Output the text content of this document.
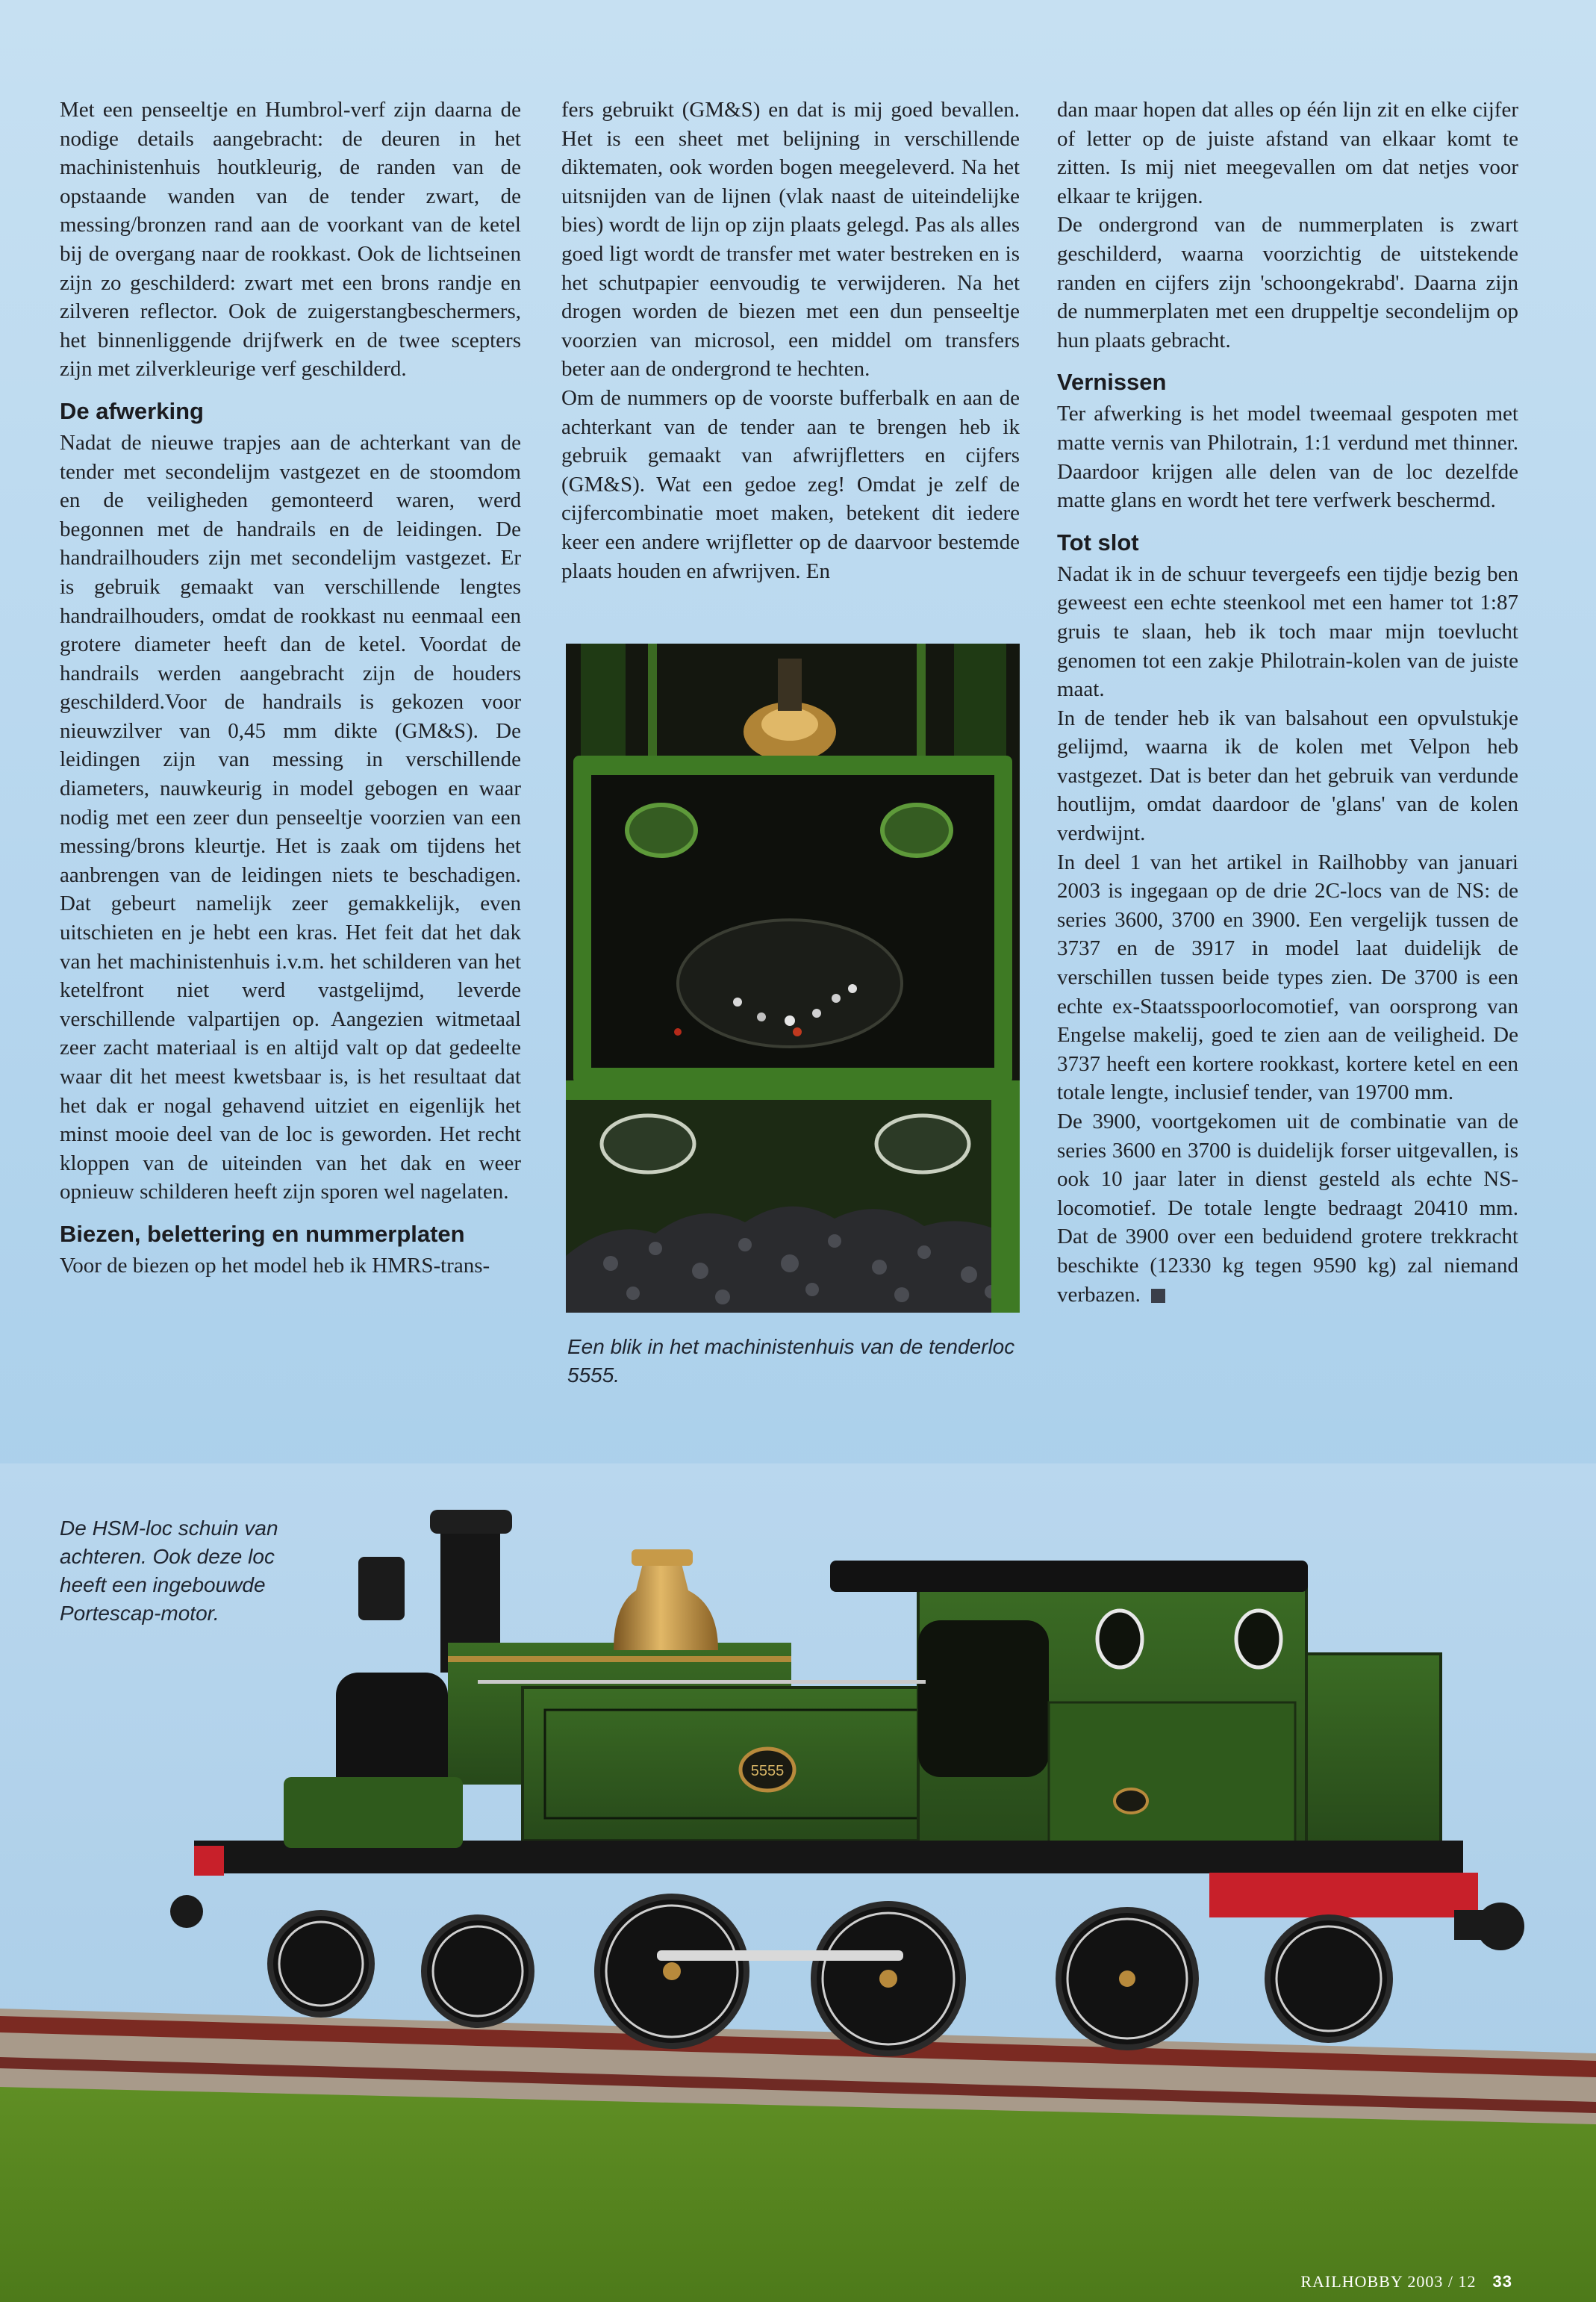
Met een penseeltje en Humbrol-verf zijn daarna de nodige details aangebracht: de deuren in het machinistenhuis houtkleurig, de randen van de opstaande wanden van de tender zwart, de messing/bronzen rand aan de voorkant van de ketel bij de overgang naar de rookkast. Ook de lichtseinen zijn zo geschilderd: zwart met een brons randje en zilveren reflector. Ook de zuigerstangbeschermers, het binnenliggende drijfwerk en de twee scepters zijn met zilverkleurige verf geschilderd.

De afwerking

Nadat de nieuwe trapjes aan de achterkant van de tender met secondelijm vastgezet en de stoomdom en de veiligheden gemonteerd waren, werd begonnen met de handrails en de leidingen. De handrailhouders zijn met secondelijm vastgezet. Er is gebruik gemaakt van verschillende lengtes handrailhouders, omdat de rookkast nu eenmaal een grotere diameter heeft dan de ketel. Voordat de handrails werden aangebracht zijn de houders geschilderd.Voor de handrails is gekozen voor nieuwzilver van 0,45 mm dikte (GM&S). De leidingen zijn van messing in verschillende diameters, nauwkeurig in model gebogen en waar nodig met een zeer dun penseeltje voorzien van een messing/brons kleurtje. Het is zaak om tijdens het aanbrengen van de leidingen niets te beschadigen. Dat gebeurt namelijk zeer gemakkelijk, even uitschieten en je hebt een kras. Het feit dat het dak van het machinistenhuis i.v.m. het schilderen van het ketelfront niet werd vastgelijmd, leverde verschillende valpartijen op. Aangezien witmetaal zeer zacht materiaal is en altijd valt op dat gedeelte waar dit het meest kwetsbaar is, is het resultaat dat het dak er nogal gehavend uitziet en eigenlijk het minst mooie deel van de loc is geworden. Het recht kloppen van de uiteinden van het dak en weer opnieuw schilderen heeft zijn sporen wel nagelaten.

Biezen, belettering en nummerplaten

Voor de biezen op het model heb ik HMRS-trans-

fers gebruikt (GM&S) en dat is mij goed bevallen. Het is een sheet met belijning in verschillende diktematen, ook worden bogen meegeleverd. Na het uitsnijden van de lijnen (vlak naast de uiteindelijke bies) wordt de lijn op zijn plaats gelegd. Pas als alles goed ligt wordt de transfer met water bestreken en is het schutpapier eenvoudig te verwijderen. Na het drogen worden de biezen met een dun penseeltje voorzien van microsol, een middel om transfers beter aan de ondergrond te hechten.

Om de nummers op de voorste bufferbalk en aan de achterkant van de tender aan te brengen heb ik gebruik gemaakt van afwrijfletters en cijfers (GM&S). Wat een gedoe zeg! Omdat je zelf de cijfercombinatie moet maken, betekent dit iedere keer een andere wrijfletter op de daarvoor bestemde plaats houden en afwrijven. En

Een blik in het machinistenhuis van de tenderloc 5555.

dan maar hopen dat alles op één lijn zit en elke cijfer of letter op de juiste afstand van elkaar komt te zitten. Is mij niet meegevallen om dat netjes voor elkaar te krijgen.

De ondergrond van de nummerplaten is zwart geschilderd, waarna voorzichtig de uitstekende randen en cijfers zijn 'schoongekrabd'. Daarna zijn de nummerplaten met een druppeltje secondelijm op hun plaats gebracht.

Vernissen

Ter afwerking is het model tweemaal gespoten met matte vernis van Philotrain, 1:1 verdund met thinner. Daardoor krijgen alle delen van de loc dezelfde matte glans en wordt het tere verfwerk beschermd.

Tot slot

Nadat ik in de schuur tevergeefs een tijdje bezig ben geweest een echte steenkool met een hamer tot 1:87 gruis te slaan, heb ik toch maar mijn toevlucht genomen tot een zakje Philotrain-kolen van de juiste maat.

In de tender heb ik van balsahout een opvulstukje gelijmd, waarna ik de kolen met Velpon heb vastgezet. Dat is beter dan het gebruik van verdunde houtlijm, omdat daardoor de 'glans' van de kolen verdwijnt.

In deel 1 van het artikel in Railhobby van januari 2003 is ingegaan op de drie 2C-locs van de NS: de series 3600, 3700 en 3900. Een vergelijk tussen de 3737 en de 3917 in model laat duidelijk de verschillen tussen beide types zien. De 3700 is een echte ex-Staatsspoorlocomotief, van oorsprong van Engelse makelij, goed te zien aan de veiligheid. De 3737 heeft een kortere rookkast, kortere ketel en een totale lengte, inclusief tender, van 19700 mm.

De 3900, voortgekomen uit de combinatie van de series 3600 en 3700 is duidelijk forser uitgevallen, is ook 10 jaar later in dienst gesteld als echte NS-locomotief. De totale lengte bedraagt 20410 mm. Dat de 3900 over een beduidend grotere trekkracht beschikte (12330 kg tegen 9590 kg) zal niemand verbazen.

5555
De HSM-loc schuin van achteren. Ook deze loc heeft een ingebouwde Portescap-motor.
RAILHOBBY 2003 / 12 33
